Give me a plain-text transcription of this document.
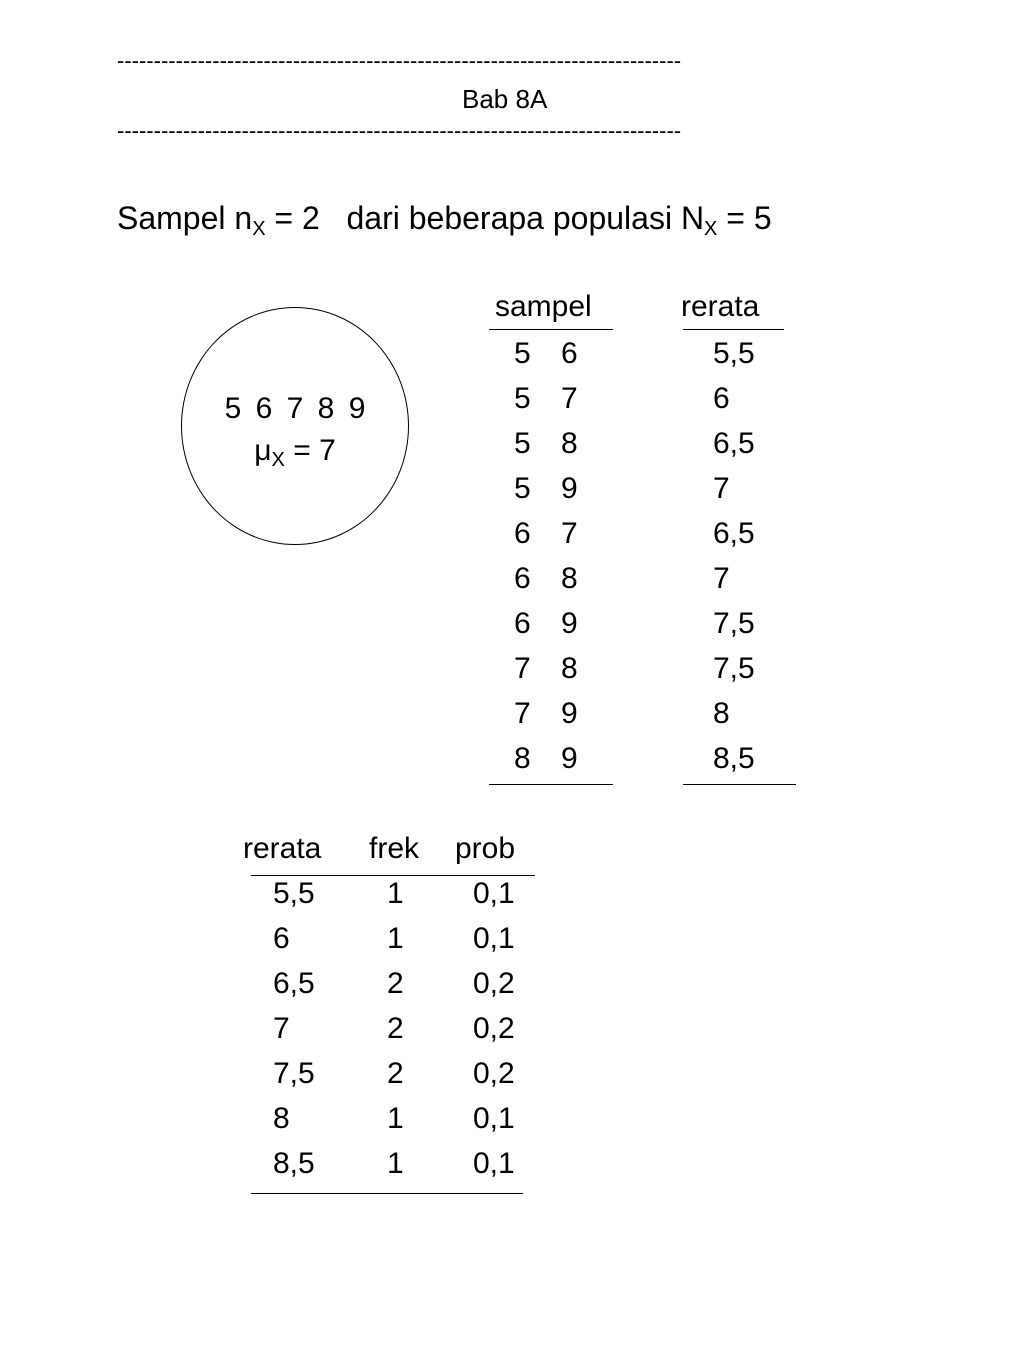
-----------------------------------------------------------------------------
Bab 8A
-----------------------------------------------------------------------------
Sampel $n_X = 2$   dari beberapa populasi $N_X = 5$
5 6 7 8 9
$\mu_X = 7$
sampel	rerata
5 6	5,5
5 7	6
5 8	6,5
5 9	7
6 7	6,5
6 8	7
6 9	7,5
7 8	7,5
7 9	8
8 9	8,5
rerata frek prob
5,5 1 0,1
6	1 0,1
6,5 2 0,2
7	2 0,2
7,5 2 0,2
8	1 0,1
8,5 1 0,1
